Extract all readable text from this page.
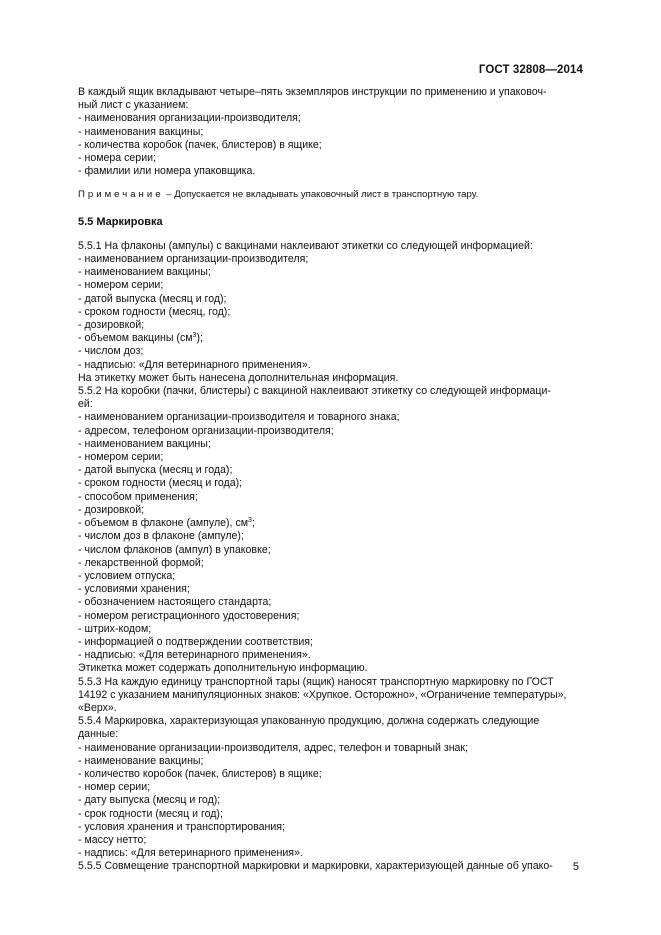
ГОСТ 32808—2014

В каждый ящик вкладывают четыре–пять экземпляров инструкции по применению и упаковоч-

ный лист с указанием:

- наименования организации-производителя;

- наименования вакцины;

- количества коробок (пачек, блистеров) в ящике;

- номера серии;

- фамилии или номера упаковщика.

Примечание – Допускается не вкладывать упаковочный лист в транспортную тару.

5.5 Маркировка

5.5.1 На флаконы (ампулы) с вакцинами наклеивают этикетки со следующей информацией:

- наименованием организации-производителя;

- наименованием вакцины;

- номером серии;

- датой выпуска (месяц и год);

- сроком годности (месяц, год);

- дозировкой;

- объемом вакцины $(см^3)$;

- числом доз;

- надписью: «Для ветеринарного применения».

На этикетку может быть нанесена дополнительная информация.

5.5.2 На коробки (пачки, блистеры) с вакциной наклеивают этикетку со следующей информаци-

ей:

- наименованием организации-производителя и товарного знака;

- адресом, телефоном организации-производителя;

- наименованием вакцины;

- номером серии;

- датой выпуска (месяц и года);

- сроком годности (месяц и года);

- способом применения;

- дозировкой;

- объемом в флаконе (ампуле), $см^3$;

- числом доз в флаконе (ампуле);

- числом флаконов (ампул) в упаковке;

- лекарственной формой;

- условием отпуска;

- условиями хранения;

- обозначением настоящего стандарта;

- номером регистрационного удостоверения;

- штрих-кодом;

- информацией о подтверждении соответствия;

- надписью: «Для ветеринарного применения».

Этикетка может содержать дополнительную информацию.

5.5.3 На каждую единицу транспортной тары (ящик) наносят транспортную маркировку по ГОСТ

14192 с указанием манипуляционных знаков: «Хрупкое. Осторожно», «Ограничение температуры»,

«Верх».

5.5.4 Маркировка, характеризующая упакованную продукцию, должна содержать следующие

данные:

- наименование организации-производителя, адрес, телефон и товарный знак;

- наименование вакцины;

- количество коробок (пачек, блистеров) в ящике;

- номер серии;

- дату выпуска (месяц и год);

- срок годности (месяц и год);

- условия хранения и транспортирования;

- массу нетто;

- надпись: «Для ветеринарного применения».

5.5.5 Совмещение транспортной маркировки и маркировки, характеризующей данные об упако-	5
